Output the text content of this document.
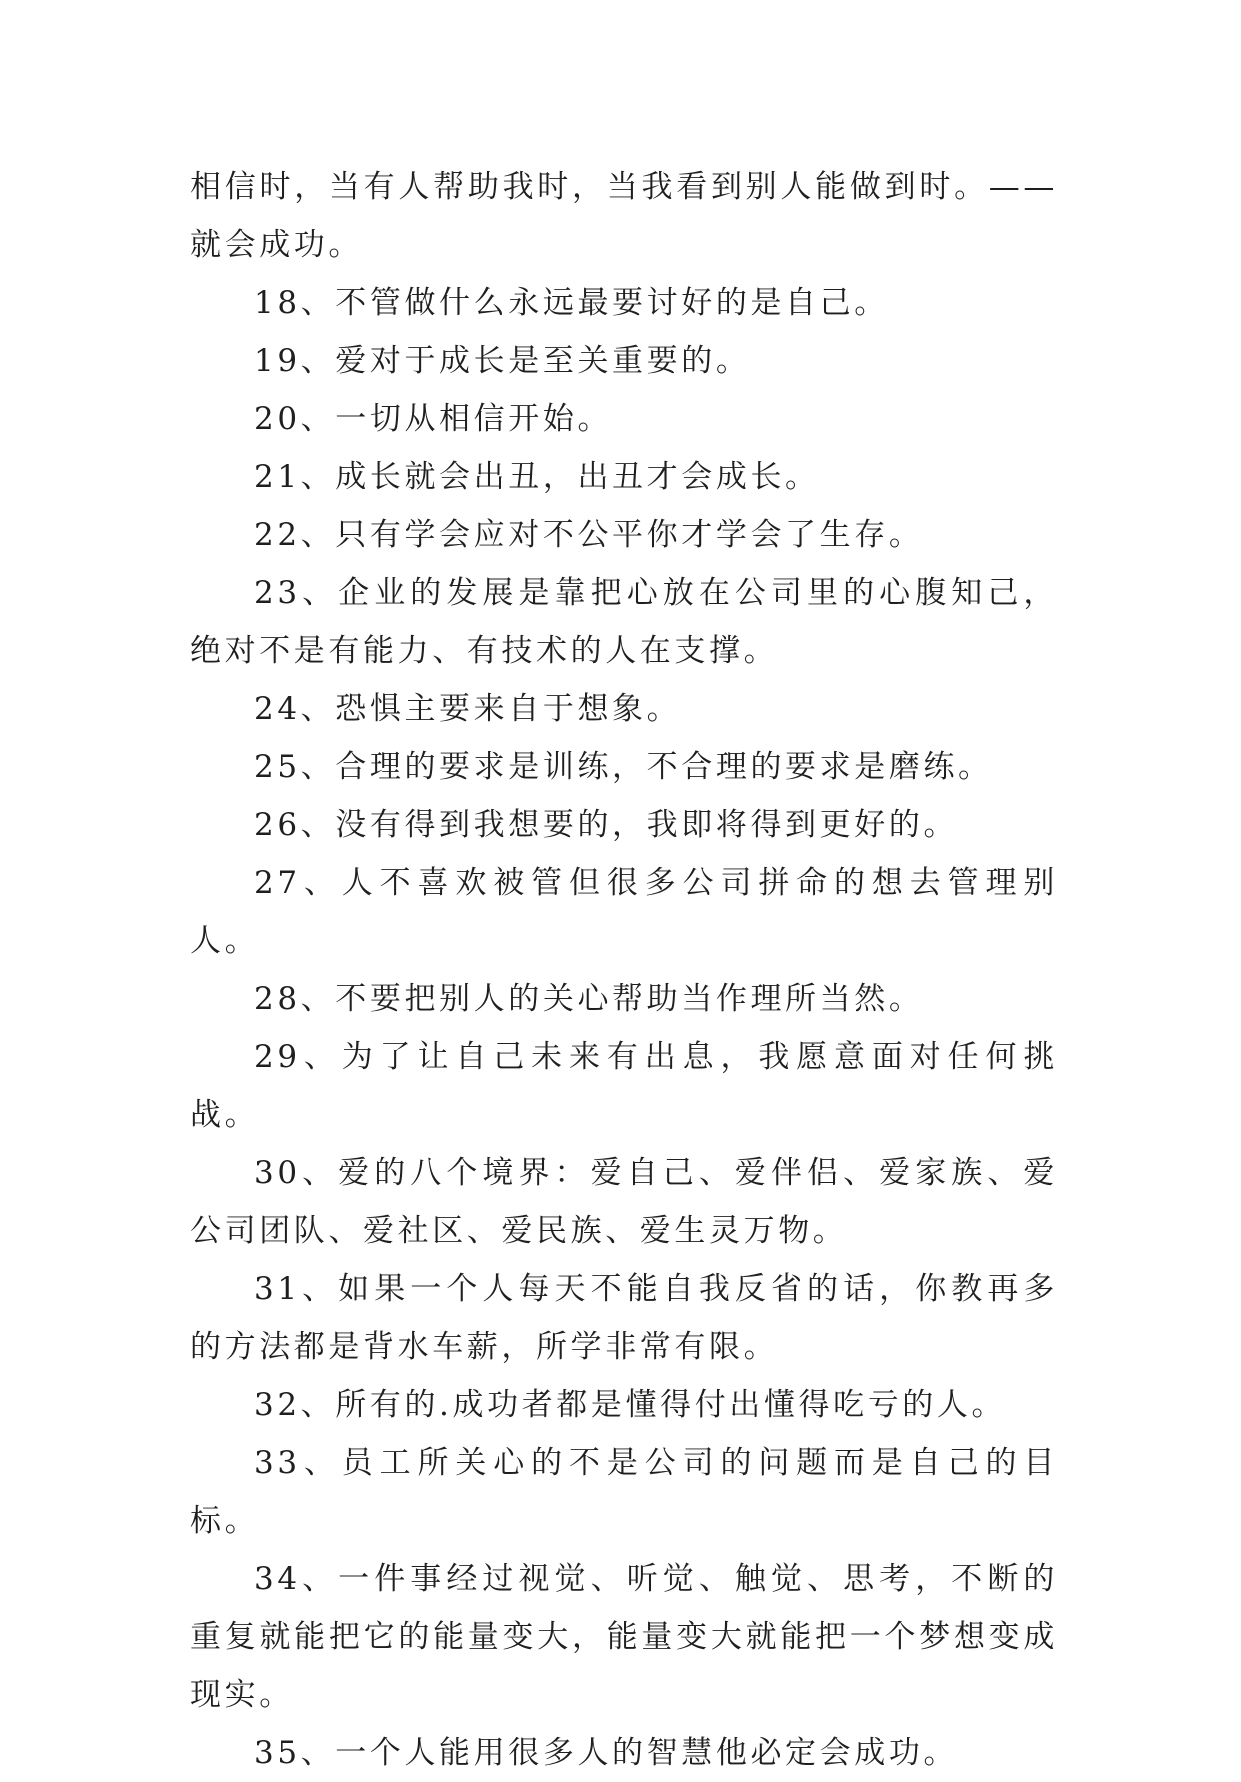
相信时，当有人帮助我时，当我看到别人能做到时。——就会成功。

18、不管做什么永远最要讨好的是自己。

19、爱对于成长是至关重要的。

20、一切从相信开始。

21、成长就会出丑，出丑才会成长。

22、只有学会应对不公平你才学会了生存。

23、企业的发展是靠把心放在公司里的心腹知己，绝对不是有能力、有技术的人在支撑。

24、恐惧主要来自于想象。

25、合理的要求是训练，不合理的要求是磨练。

26、没有得到我想要的，我即将得到更好的。

27、人不喜欢被管但很多公司拼命的想去管理别人。

28、不要把别人的关心帮助当作理所当然。

29、为了让自己未来有出息，我愿意面对任何挑战。

30、爱的八个境界：爱自己、爱伴侣、爱家族、爱公司团队、爱社区、爱民族、爱生灵万物。

31、如果一个人每天不能自我反省的话，你教再多的方法都是背水车薪，所学非常有限。

32、所有的.成功者都是懂得付出懂得吃亏的人。

33、员工所关心的不是公司的问题而是自己的目标。

34、一件事经过视觉、听觉、触觉、思考，不断的重复就能把它的能量变大，能量变大就能把一个梦想变成现实。

35、一个人能用很多人的智慧他必定会成功。
